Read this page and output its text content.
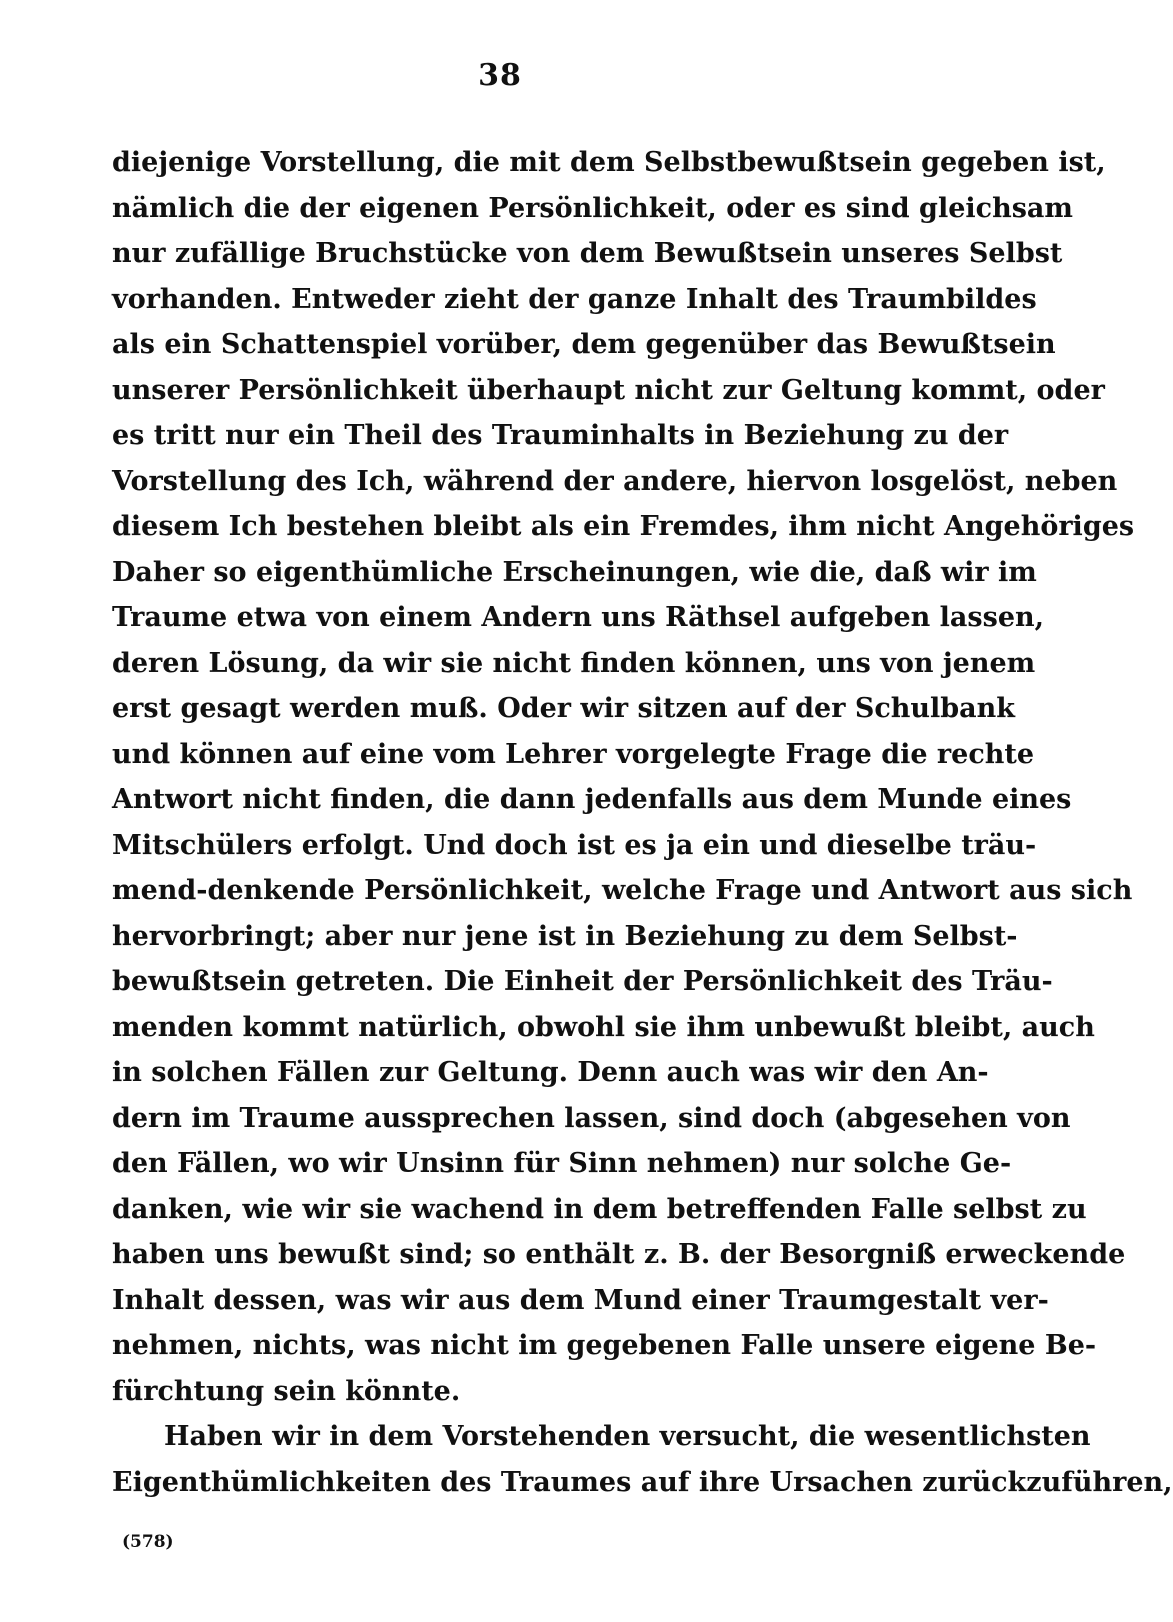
38
diejenige Vorstellung, die mit dem Selbstbewußtsein gegeben ist,
nämlich die der eigenen Persönlichkeit, oder es sind gleichsam
nur zufällige Bruchstücke von dem Bewußtsein unseres Selbst
vorhanden. Entweder zieht der ganze Inhalt des Traumbildes
als ein Schattenspiel vorüber, dem gegenüber das Bewußtsein
unserer Persönlichkeit überhaupt nicht zur Geltung kommt, oder
es tritt nur ein Theil des Trauminhalts in Beziehung zu der
Vorstellung des Ich, während der andere, hiervon losgelöst, neben
diesem Ich bestehen bleibt als ein Fremdes, ihm nicht Angehöriges
Daher so eigenthümliche Erscheinungen, wie die, daß wir im
Traume etwa von einem Andern uns Räthsel aufgeben lassen,
deren Lösung, da wir sie nicht finden können, uns von jenem
erst gesagt werden muß. Oder wir sitzen auf der Schulbank
und können auf eine vom Lehrer vorgelegte Frage die rechte
Antwort nicht finden, die dann jedenfalls aus dem Munde eines
Mitschülers erfolgt. Und doch ist es ja ein und dieselbe träu-
mend-denkende Persönlichkeit, welche Frage und Antwort aus sich
hervorbringt; aber nur jene ist in Beziehung zu dem Selbst-
bewußtsein getreten. Die Einheit der Persönlichkeit des Träu-
menden kommt natürlich, obwohl sie ihm unbewußt bleibt, auch
in solchen Fällen zur Geltung. Denn auch was wir den An-
dern im Traume aussprechen lassen, sind doch (abgesehen von
den Fällen, wo wir Unsinn für Sinn nehmen) nur solche Ge-
danken, wie wir sie wachend in dem betreffenden Falle selbst zu
haben uns bewußt sind; so enthält z. B. der Besorgniß erweckende
Inhalt dessen, was wir aus dem Mund einer Traumgestalt ver-
nehmen, nichts, was nicht im gegebenen Falle unsere eigene Be-
fürchtung sein könnte.
Haben wir in dem Vorstehenden versucht, die wesentlichsten
Eigenthümlichkeiten des Traumes auf ihre Ursachen zurückzuführen,
(578)
